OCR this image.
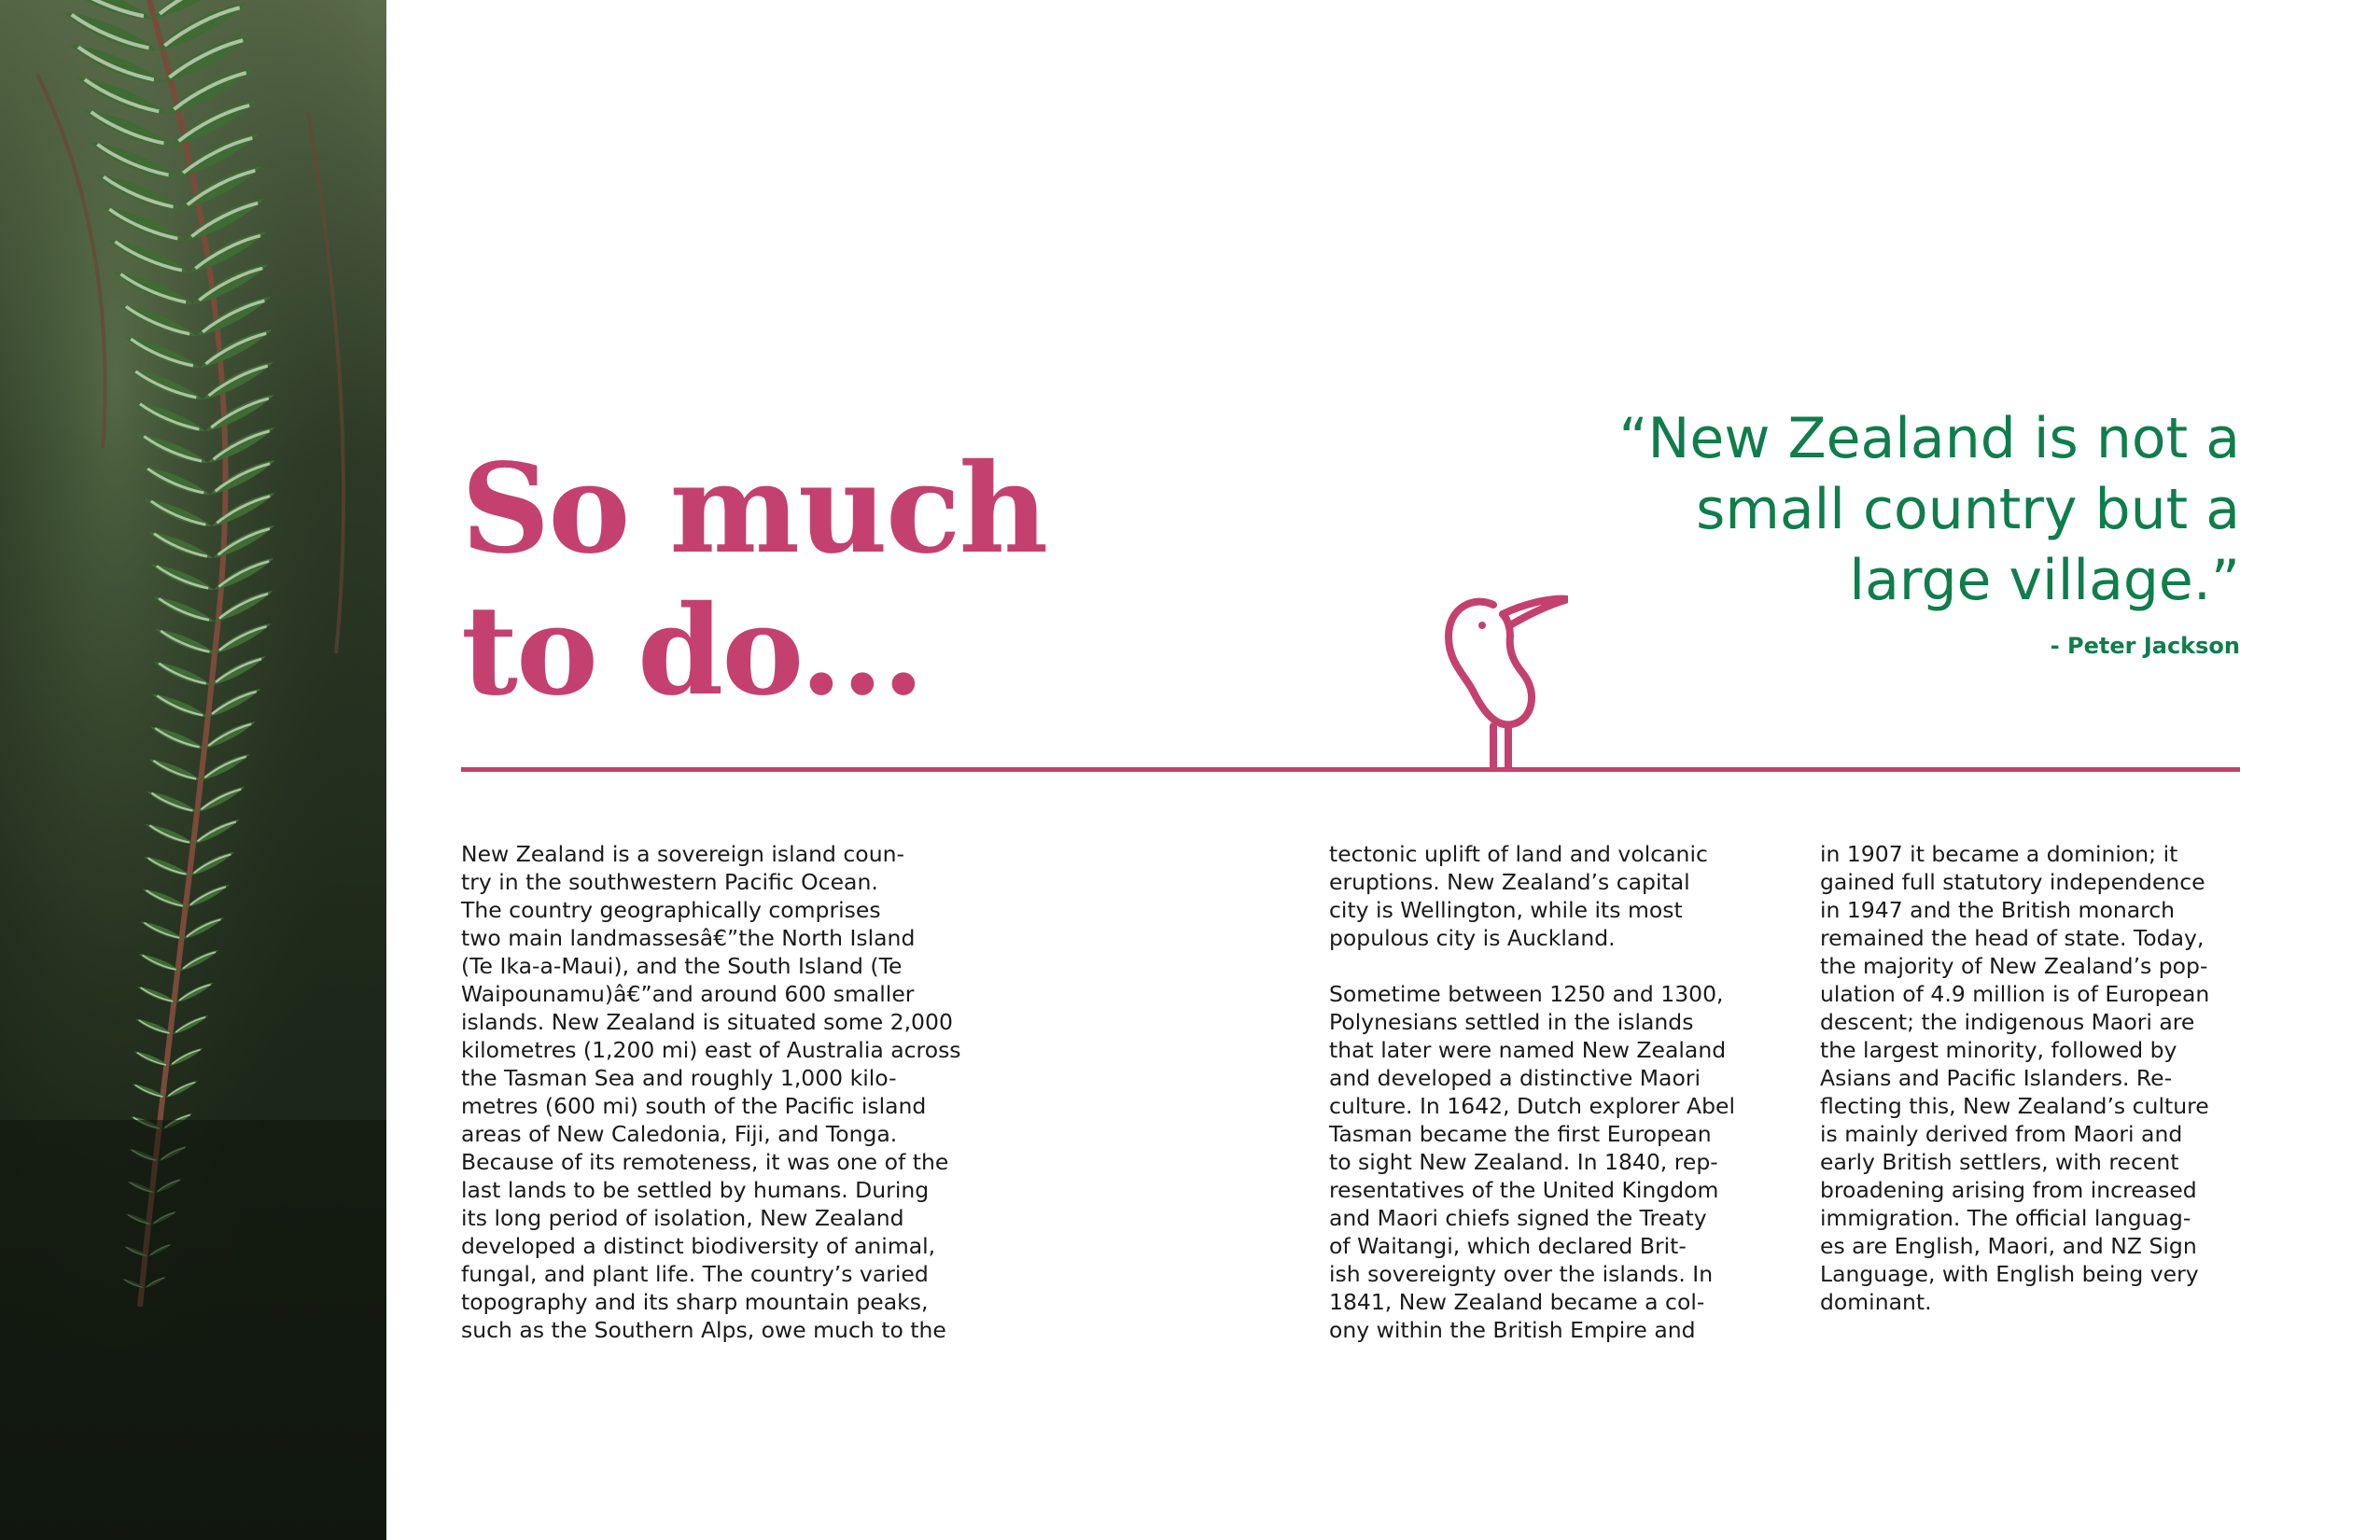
So much
to do...

“New Zealand is not a small country but a large village.”

- Peter Jackson

New Zealand is a sovereign island coun-
try in the southwestern Pacific Ocean.
The country geographically comprises
two main landmassesâ€”the North Island
(Te Ika-a-Maui), and the South Island (Te
Waipounamu)â€”and around 600 smaller
islands. New Zealand is situated some 2,000
kilometres (1,200 mi) east of Australia across
the Tasman Sea and roughly 1,000 kilo-
metres (600 mi) south of the Pacific island
areas of New Caledonia, Fiji, and Tonga.
Because of its remoteness, it was one of the
last lands to be settled by humans. During
its long period of isolation, New Zealand
developed a distinct biodiversity of animal,
fungal, and plant life. The country’s varied
topography and its sharp mountain peaks,
such as the Southern Alps, owe much to the

tectonic uplift of land and volcanic
eruptions. New Zealand’s capital
city is Wellington, while its most
populous city is Auckland.

Sometime between 1250 and 1300,
Polynesians settled in the islands
that later were named New Zealand
and developed a distinctive Maori
culture. In 1642, Dutch explorer Abel
Tasman became the first European
to sight New Zealand. In 1840, rep-
resentatives of the United Kingdom
and Maori chiefs signed the Treaty
of Waitangi, which declared Brit-
ish sovereignty over the islands. In
1841, New Zealand became a col-
ony within the British Empire and

in 1907 it became a dominion; it
gained full statutory independence
in 1947 and the British monarch
remained the head of state. Today,
the majority of New Zealand’s pop-
ulation of 4.9 million is of European
descent; the indigenous Maori are
the largest minority, followed by
Asians and Pacific Islanders. Re-
flecting this, New Zealand’s culture
is mainly derived from Maori and
early British settlers, with recent
broadening arising from increased
immigration. The official languag-
es are English, Maori, and NZ Sign
Language, with English being very
dominant.
